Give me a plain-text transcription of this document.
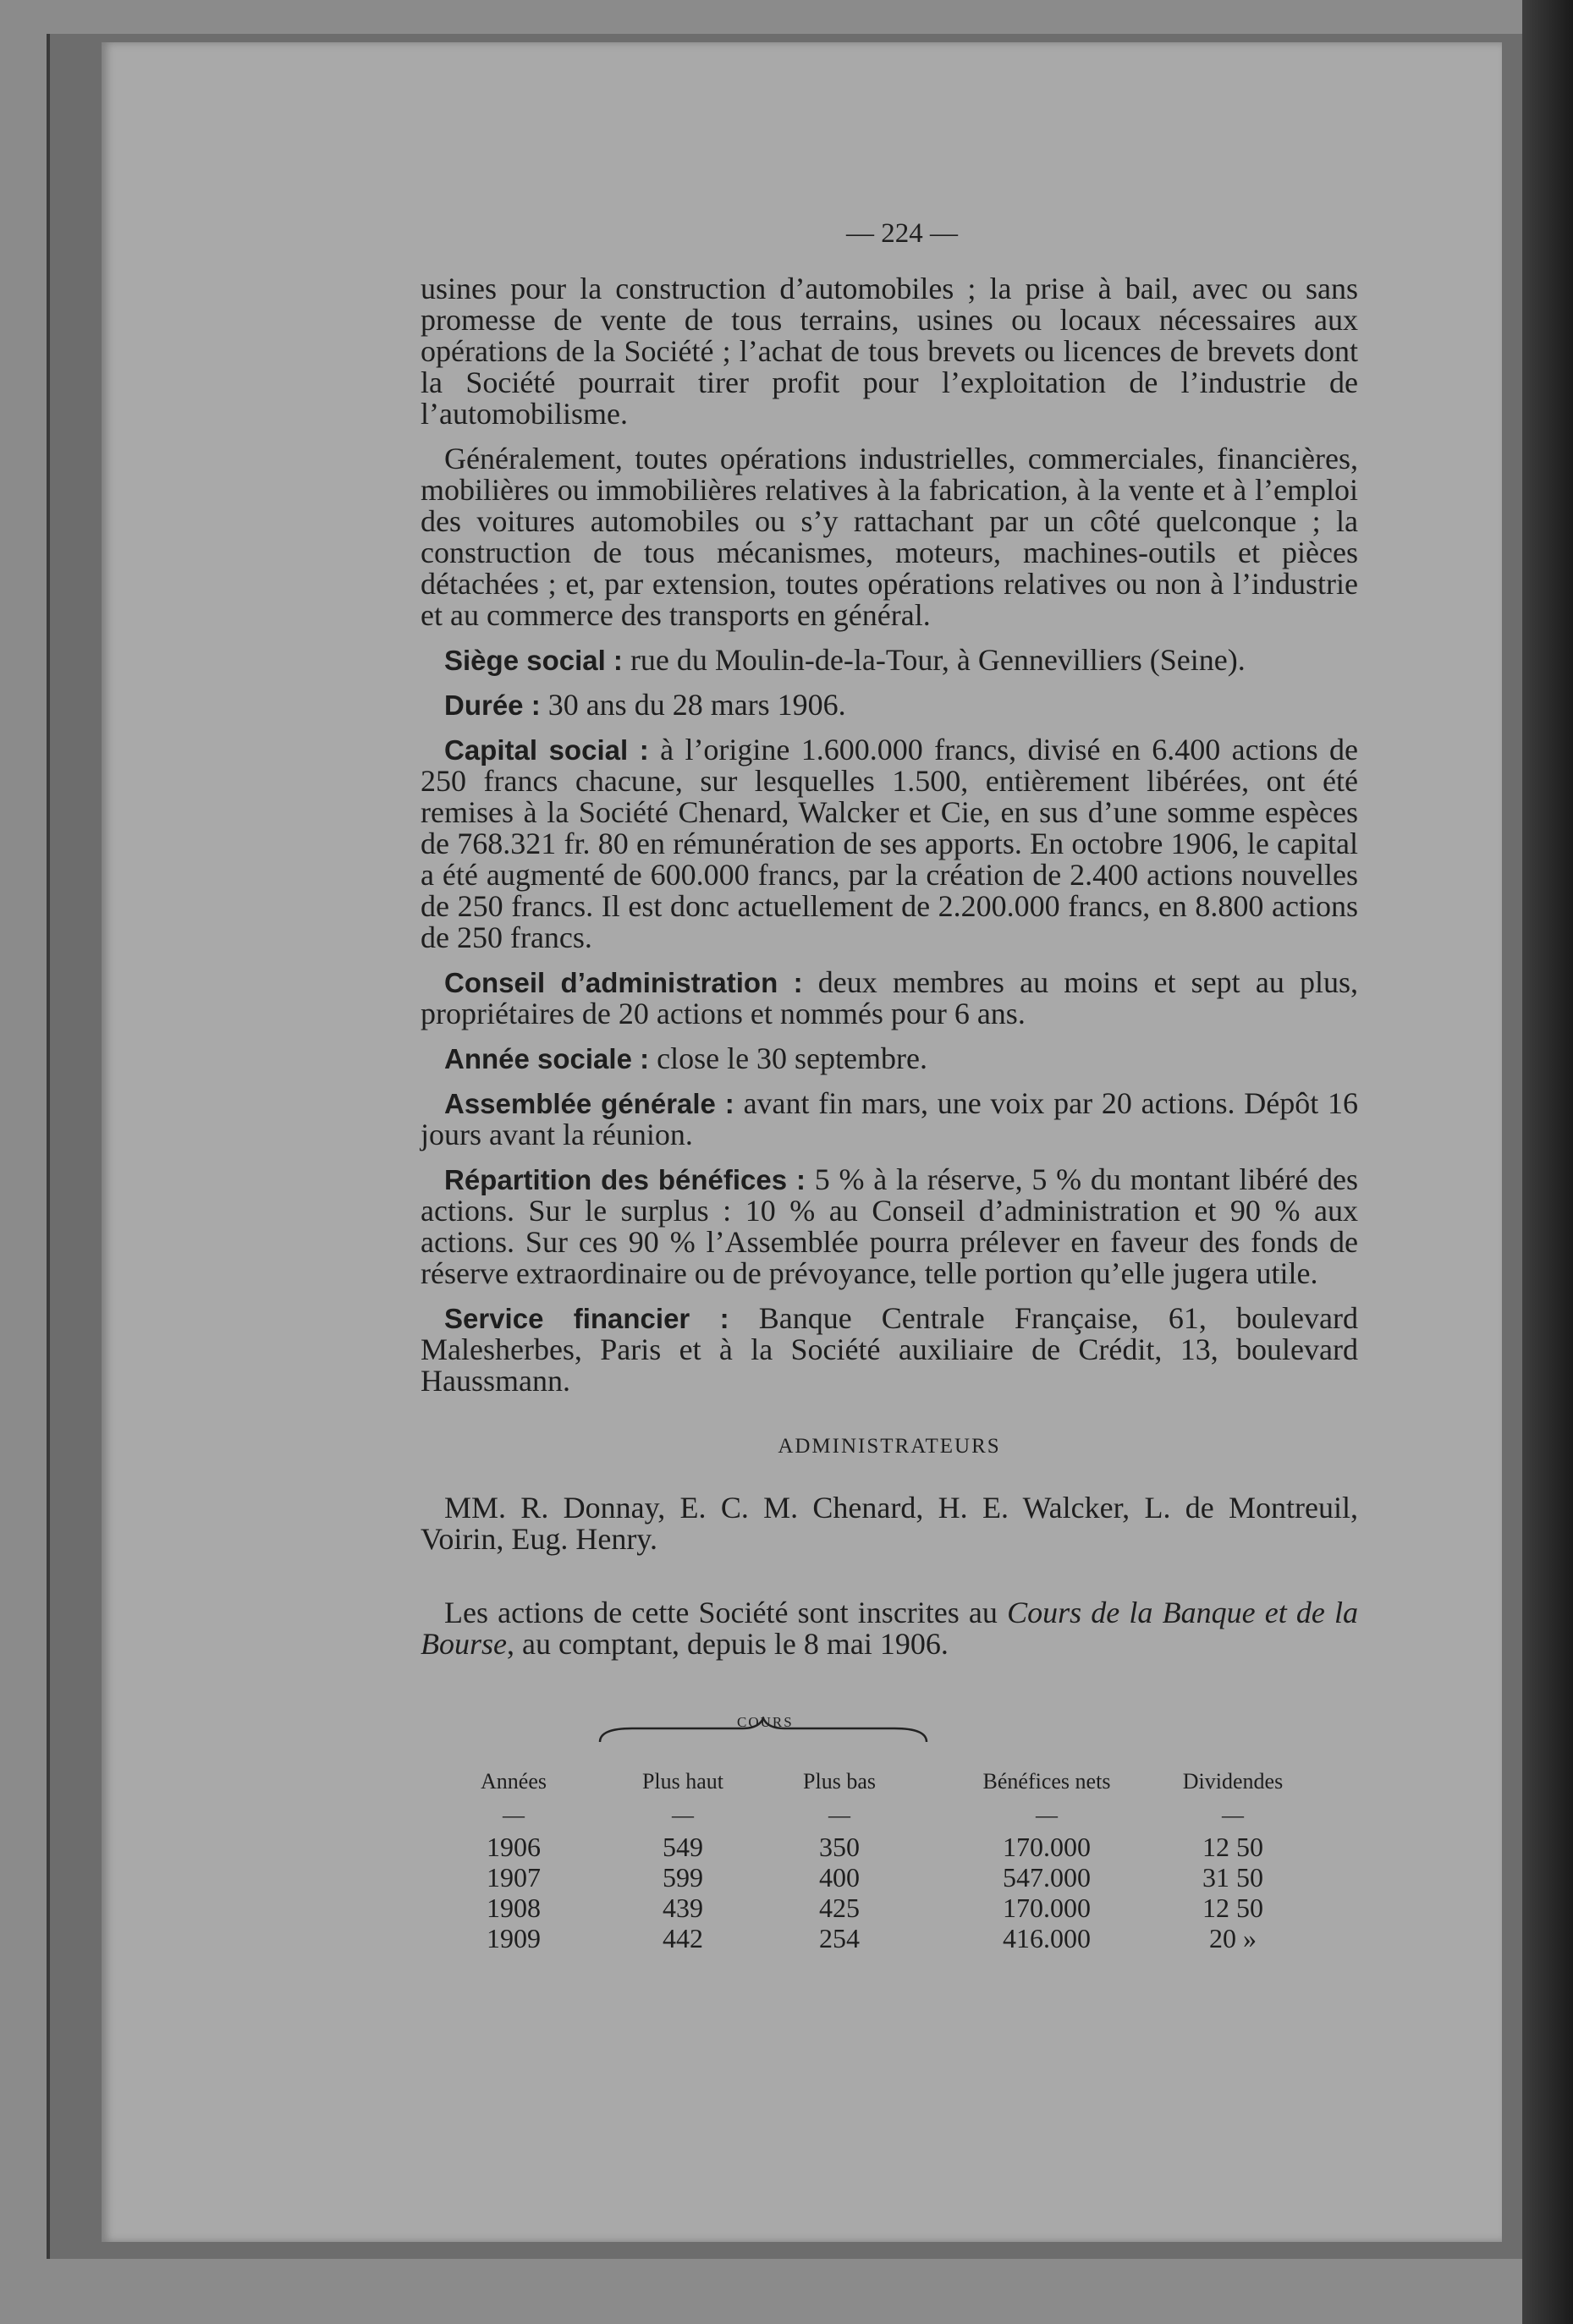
— 224 —

usines pour la construction d’automobiles ; la prise à bail, avec ou sans promesse de vente de tous terrains, usines ou locaux nécessaires aux opérations de la Société ; l’achat de tous brevets ou licences de brevets dont la Société pourrait tirer profit pour l’exploitation de l’industrie de l’automobilisme.

Généralement, toutes opérations industrielles, commerciales, financières, mobilières ou immobilières relatives à la fabrication, à la vente et à l’emploi des voitures automobiles ou s’y rattachant par un côté quelconque ; la construction de tous mécanismes, moteurs, machines-outils et pièces détachées ; et, par extension, toutes opérations relatives ou non à l’industrie et au commerce des transports en général.

Siège social : rue du Moulin-de-la-Tour, à Gennevilliers (Seine).

Durée : 30 ans du 28 mars 1906.

Capital social : à l’origine 1.600.000 francs, divisé en 6.400 actions de 250 francs chacune, sur lesquelles 1.500, entièrement libérées, ont été remises à la Société Chenard, Walcker et Cie, en sus d’une somme espèces de 768.321 fr. 80 en rémunération de ses apports. En octobre 1906, le capital a été augmenté de 600.000 francs, par la création de 2.400 actions nouvelles de 250 francs. Il est donc actuellement de 2.200.000 francs, en 8.800 actions de 250 francs.

Conseil d’administration : deux membres au moins et sept au plus, propriétaires de 20 actions et nommés pour 6 ans.

Année sociale : close le 30 septembre.

Assemblée générale : avant fin mars, une voix par 20 actions. Dépôt 16 jours avant la réunion.

Répartition des bénéfices : 5 % à la réserve, 5 % du montant libéré des actions. Sur le surplus : 10 % au Conseil d’administration et 90 % aux actions. Sur ces 90 % l’Assemblée pourra prélever en faveur des fonds de réserve extraordinaire ou de prévoyance, telle portion qu’elle jugera utile.

Service financier : Banque Centrale Française, 61, boulevard Malesherbes, Paris et à la Société auxiliaire de Crédit, 13, boulevard Haussmann.

ADMINISTRATEURS

MM. R. Donnay, E. C. M. Chenard, H. E. Walcker, L. de Montreuil, Voirin, Eug. Henry.

Les actions de cette Société sont inscrites au Cours de la Banque et de la Bourse, au comptant, depuis le 8 mai 1906.

COURS
Années	Plus haut	Plus bas	Bénéfices nets	Dividendes
—	—	—	—	—
1906	549	350	170.000	12 50
1907	599	400	547.000	31 50
1908	439	425	170.000	12 50
1909	442	254	416.000	20 »
